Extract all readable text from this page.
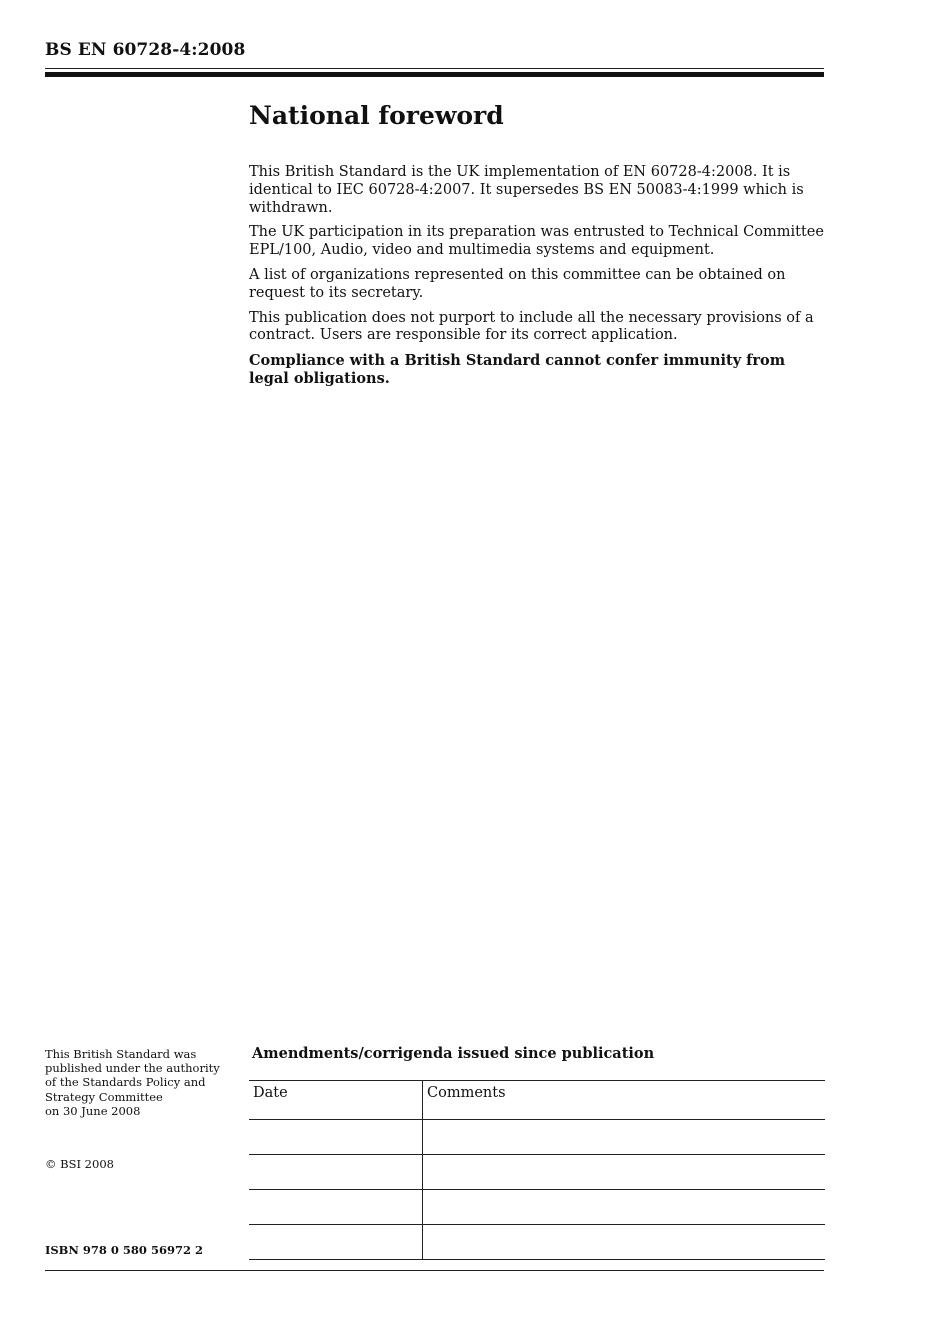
BS EN 60728-4:2008
National foreword

This British Standard is the UK implementation of EN 60728-4:2008. It is identical to IEC 60728-4:2007. It supersedes BS EN 50083-4:1999 which is withdrawn.

The UK participation in its preparation was entrusted to Technical Committee EPL/100, Audio, video and multimedia systems and equipment.

A list of organizations represented on this committee can be obtained on request to its secretary.

This publication does not purport to include all the necessary provisions of a contract. Users are responsible for its correct application.

Compliance with a British Standard cannot confer immunity from legal obligations.

This British Standard was
published under the authority
of the Standards Policy and
Strategy Committee
on 30 June 2008
© BSI 2008
ISBN 978 0 580 56972 2
Amendments/corrigenda issued since publication
Date	Comments
